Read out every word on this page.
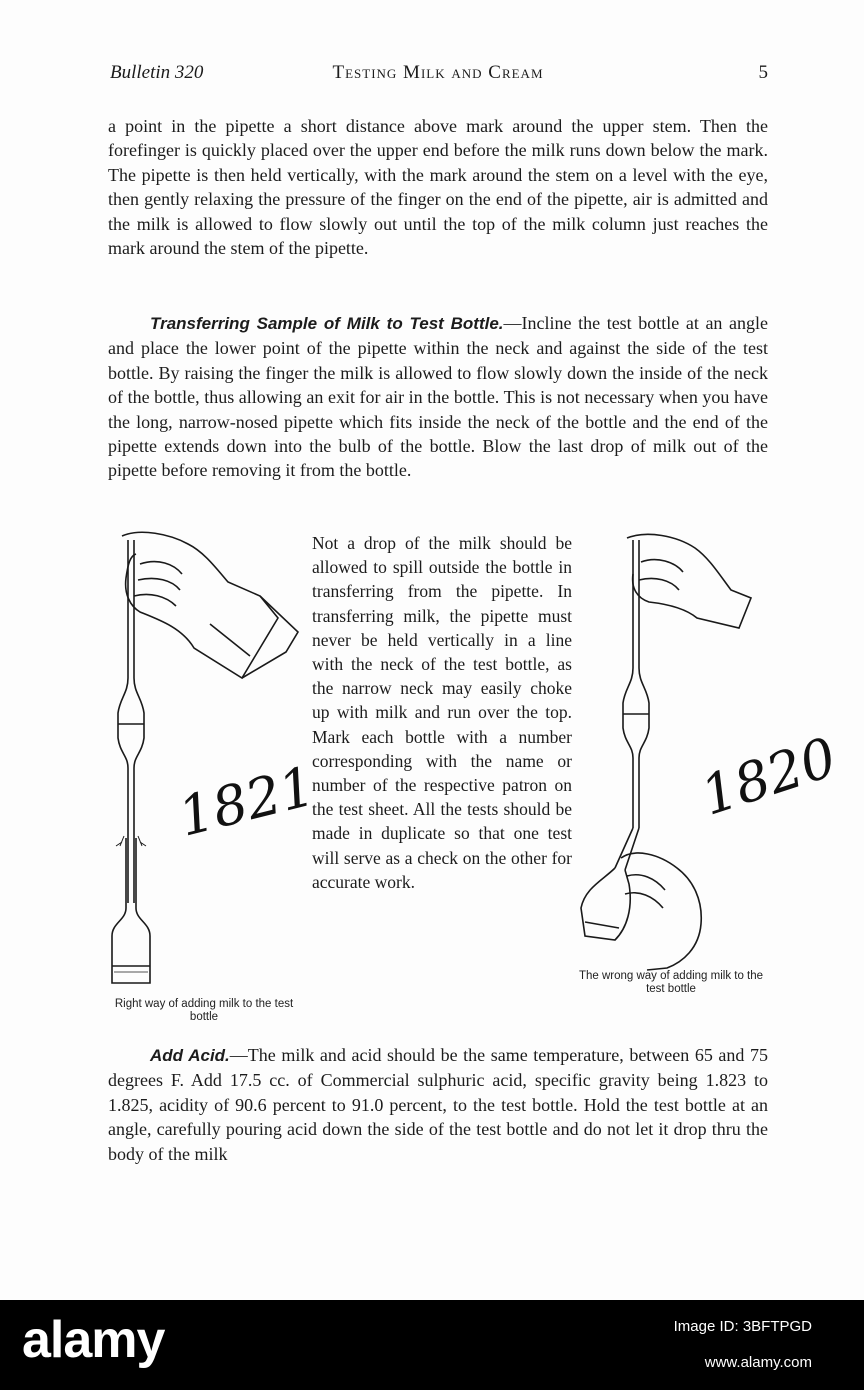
Bulletin 320	Testing Milk and Cream	5

a point in the pipette a short distance above mark around the upper stem. Then the forefinger is quickly placed over the upper end before the milk runs down below the mark. The pipette is then held vertically, with the mark around the stem on a level with the eye, then gently relaxing the pressure of the finger on the end of the pipette, air is admitted and the milk is allowed to flow slowly out until the top of the milk column just reaches the mark around the stem of the pipette.

Transferring Sample of Milk to Test Bottle.—Incline the test bottle at an angle and place the lower point of the pipette within the neck and against the side of the test bottle. By raising the finger the milk is allowed to flow slowly down the inside of the neck of the bottle, thus allowing an exit for air in the bottle. This is not necessary when you have the long, narrow-nosed pipette which fits inside the neck of the bottle and the end of the pipette extends down into the bulb of the bottle. Blow the last drop of milk out of the pipette before removing it from the bottle.

1821
Right way of adding milk to the test bottle

Not a drop of the milk should be allowed to spill outside the bottle in transferring from the pipette. In transferring milk, the pipette must never be held vertically in a line with the neck of the test bottle, as the narrow neck may easily choke up with milk and run over the top. Mark each bottle with a number corresponding with the name or number of the respective patron on the test sheet. All the tests should be made in duplicate so that one test will serve as a check on the other for accurate work.

1820
The wrong way of adding milk to the test bottle

Add Acid.—The milk and acid should be the same temperature, between 65 and 75 degrees F. Add 17.5 cc. of Commercial sulphuric acid, specific gravity being 1.823 to 1.825, acidity of 90.6 percent to 91.0 percent, to the test bottle. Hold the test bottle at an angle, carefully pouring acid down the side of the test bottle and do not let it drop thru the body of the milk

alamy	Image ID: 3BFTPGD
www.alamy.com
